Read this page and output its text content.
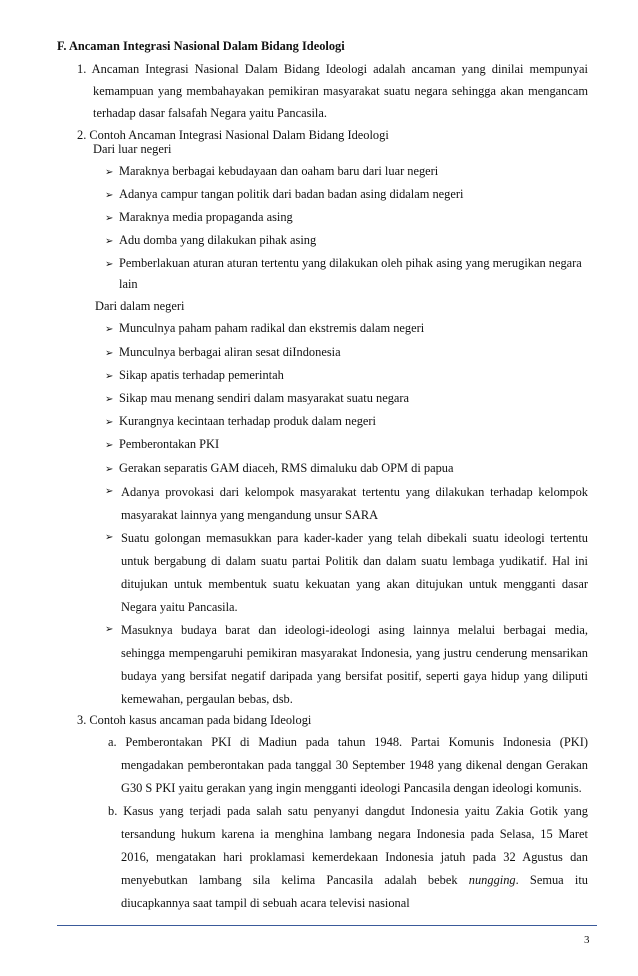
F. Ancaman Integrasi Nasional Dalam Bidang Ideologi
1. Ancaman Integrasi Nasional Dalam Bidang Ideologi adalah ancaman yang dinilai mempunyai
kemampuan yang membahayakan pemikiran masyarakat suatu negara sehingga akan mengancam
terhadap dasar falsafah Negara yaitu Pancasila.
2. Contoh Ancaman Integrasi Nasional Dalam Bidang Ideologi
Dari luar negeri
➢ Maraknya berbagai kebudayaan dan oaham baru dari luar negeri
➢ Adanya campur tangan politik dari badan badan asing didalam negeri
➢ Maraknya media propaganda asing
➢ Adu domba yang dilakukan pihak asing
➢ Pemberlakuan aturan aturan tertentu yang dilakukan oleh pihak asing yang merugikan negara
lain
Dari dalam negeri
➢ Munculnya paham paham radikal dan ekstremis dalam negeri
➢ Munculnya berbagai aliran sesat diIndonesia
➢ Sikap apatis terhadap pemerintah
➢ Sikap mau menang sendiri dalam masyarakat suatu negara
➢ Kurangnya kecintaan terhadap produk dalam negeri
➢ Pemberontakan PKI
➢ Gerakan separatis GAM diaceh, RMS dimaluku dab OPM di papua
➢ Adanya provokasi dari kelompok masyarakat tertentu yang dilakukan terhadap kelompok
masyarakat lainnya yang mengandung unsur SARA
➢ Suatu golongan memasukkan para kader-kader yang telah dibekali suatu ideologi tertentu
untuk bergabung di dalam suatu partai Politik dan dalam suatu lembaga yudikatif. Hal ini
ditujukan untuk membentuk suatu kekuatan yang akan ditujukan untuk mengganti dasar
Negara yaitu Pancasila.
➢ Masuknya budaya barat dan ideologi-ideologi asing lainnya melalui berbagai media,
sehingga mempengaruhi pemikiran masyarakat Indonesia, yang justru cenderung mensarikan
budaya yang bersifat negatif daripada yang bersifat positif, seperti gaya hidup yang diliputi
kemewahan, pergaulan bebas, dsb.
3. Contoh kasus ancaman pada bidang Ideologi
a. Pemberontakan PKI di Madiun pada tahun 1948. Partai Komunis Indonesia (PKI)
mengadakan pemberontakan pada tanggal 30 September 1948 yang dikenal dengan Gerakan
G30 S PKI yaitu gerakan yang ingin mengganti ideologi Pancasila dengan ideologi komunis.
b. Kasus yang terjadi pada salah satu penyanyi dangdut Indonesia yaitu Zakia Gotik yang
tersandung hukum karena ia menghina lambang negara Indonesia pada Selasa, 15 Maret
2016, mengatakan hari proklamasi kemerdekaan Indonesia jatuh pada 32 Agustus dan
menyebutkan lambang sila kelima Pancasila adalah bebek nungging. Semua itu
diucapkannya saat tampil di sebuah acara televisi nasional
3
